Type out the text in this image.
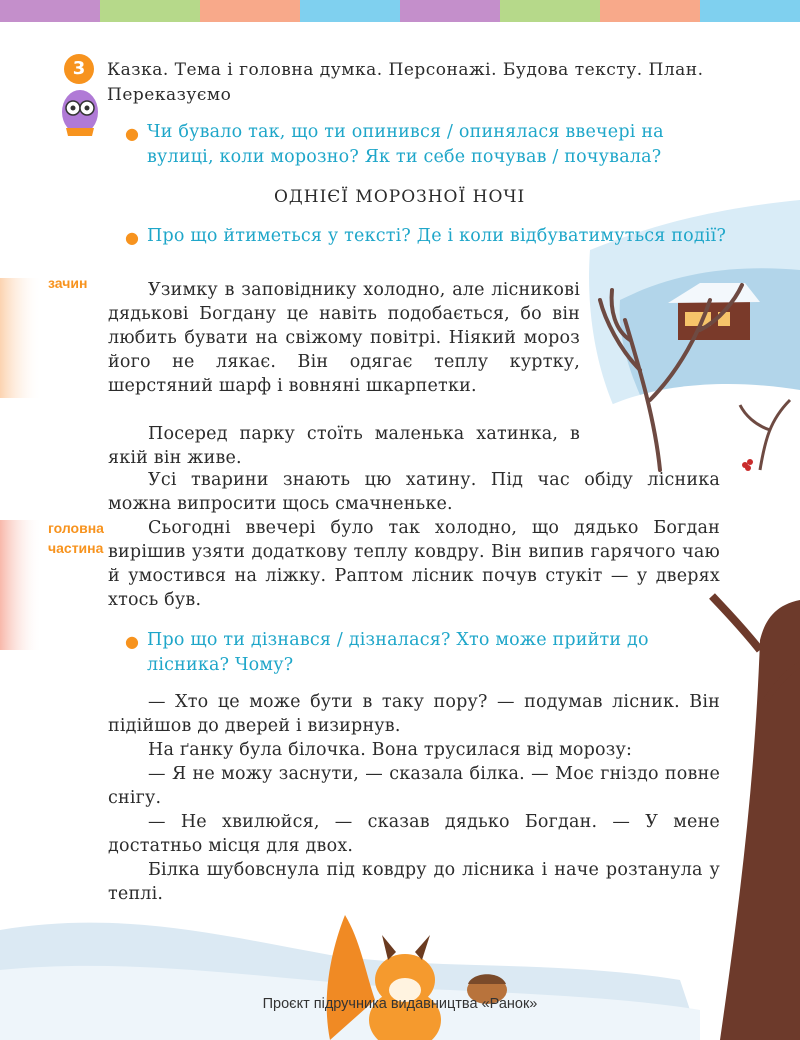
3	Казка. Тема і головна думка. Персонажі. Будова тексту. План. Переказуємо
● Чи бувало так, що ти опинився / опинялася ввечері на вулиці, коли морозно? Як ти себе почував / почувала?
ОДНІЄЇ МОРОЗНОЇ НОЧІ
● Про що йтиметься у тексті? Де і коли відбуватимуться події?
зачин
головна
частина
Узимку в заповіднику холодно, але лісникові дядькові Богдану це навіть подобається, бо він любить бувати на свіжому повітрі. Ніякий мороз його не лякає. Він одягає теплу куртку, шерстяний шарф і вовняні шкарпетки.
Посеред парку стоїть маленька хатинка, в якій він живе.
Усі тварини знають цю хатину. Під час обіду лісника можна випросити щось смачненьке.
Сьогодні ввечері було так холодно, що дядько Богдан вирішив узяти додаткову теплу ковдру. Він випив гарячого чаю й умостився на ліжку. Раптом лісник почув стукіт — у дверях хтось був.
● Про що ти дізнався / дізналася? Хто може прийти до лісника? Чому?
— Хто це може бути в таку пору? — подумав лісник. Він підійшов до дверей і визирнув.
На ґанку була білочка. Вона трусилася від морозу:
— Я не можу заснути, — сказала білка. — Моє гніздо повне снігу.
— Не хвилюйся, — сказав дядько Богдан. — У мене достатньо місця для двох.
Білка шубовснула під ковдру до лісника і наче розтанула у теплі.
Проєкт підручника видавництва «Ранок»
